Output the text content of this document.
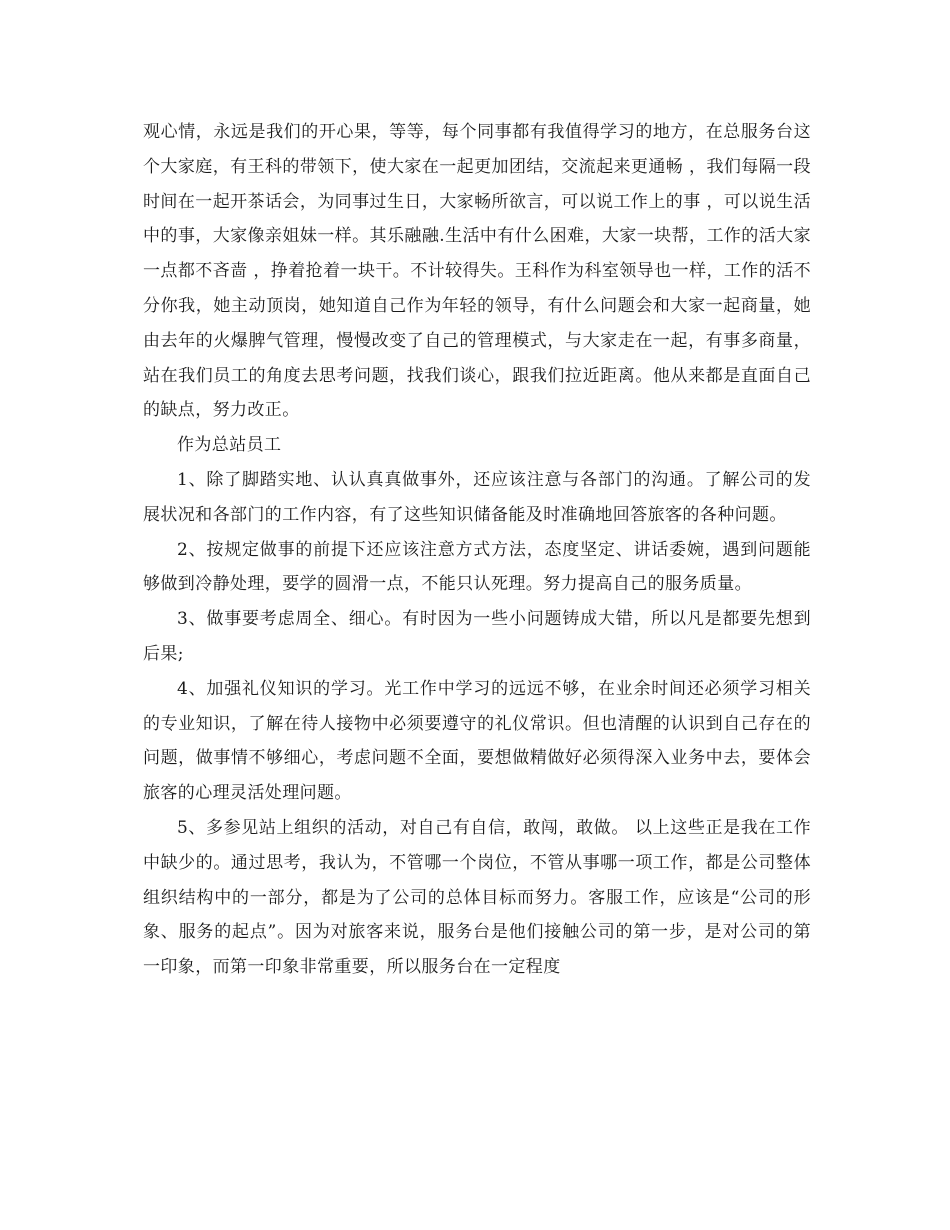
观心情，永远是我们的开心果，等等，每个同事都有我值得学习的地方，在总服务台这个大家庭，有王科的带领下，使大家在一起更加团结，交流起来更通畅 ，我们每隔一段时间在一起开茶话会，为同事过生日，大家畅所欲言，可以说工作上的事 ，可以说生活中的事，大家像亲姐妹一样。其乐融融.生活中有什么困难，大家一块帮，工作的活大家一点都不吝啬 ，挣着抢着一块干。不计较得失。王科作为科室领导也一样，工作的活不分你我，她主动顶岗，她知道自己作为年轻的领导，有什么问题会和大家一起商量，她由去年的火爆脾气管理，慢慢改变了自己的管理模式，与大家走在一起，有事多商量，站在我们员工的角度去思考问题，找我们谈心，跟我们拉近距离。他从来都是直面自己的缺点，努力改正。

作为总站员工

1、除了脚踏实地、认认真真做事外，还应该注意与各部门的沟通。了解公司的发展状况和各部门的工作内容，有了这些知识储备能及时准确地回答旅客的各种问题。

2、按规定做事的前提下还应该注意方式方法，态度坚定、讲话委婉，遇到问题能够做到冷静处理，要学的圆滑一点，不能只认死理。努力提高自己的服务质量。

3、做事要考虑周全、细心。有时因为一些小问题铸成大错，所以凡是都要先想到后果;

4、加强礼仪知识的学习。光工作中学习的远远不够，在业余时间还必须学习相关的专业知识，了解在待人接物中必须要遵守的礼仪常识。但也清醒的认识到自己存在的问题，做事情不够细心，考虑问题不全面，要想做精做好必须得深入业务中去，要体会旅客的心理灵活处理问题。

5、多参见站上组织的活动，对自己有自信，敢闯，敢做。 以上这些正是我在工作中缺少的。通过思考，我认为，不管哪一个岗位，不管从事哪一项工作，都是公司整体组织结构中的一部分，都是为了公司的总体目标而努力。客服工作，应该是“公司的形象、服务的起点”。因为对旅客来说，服务台是他们接触公司的第一步，是对公司的第一印象，而第一印象非常重要，所以服务台在一定程度
